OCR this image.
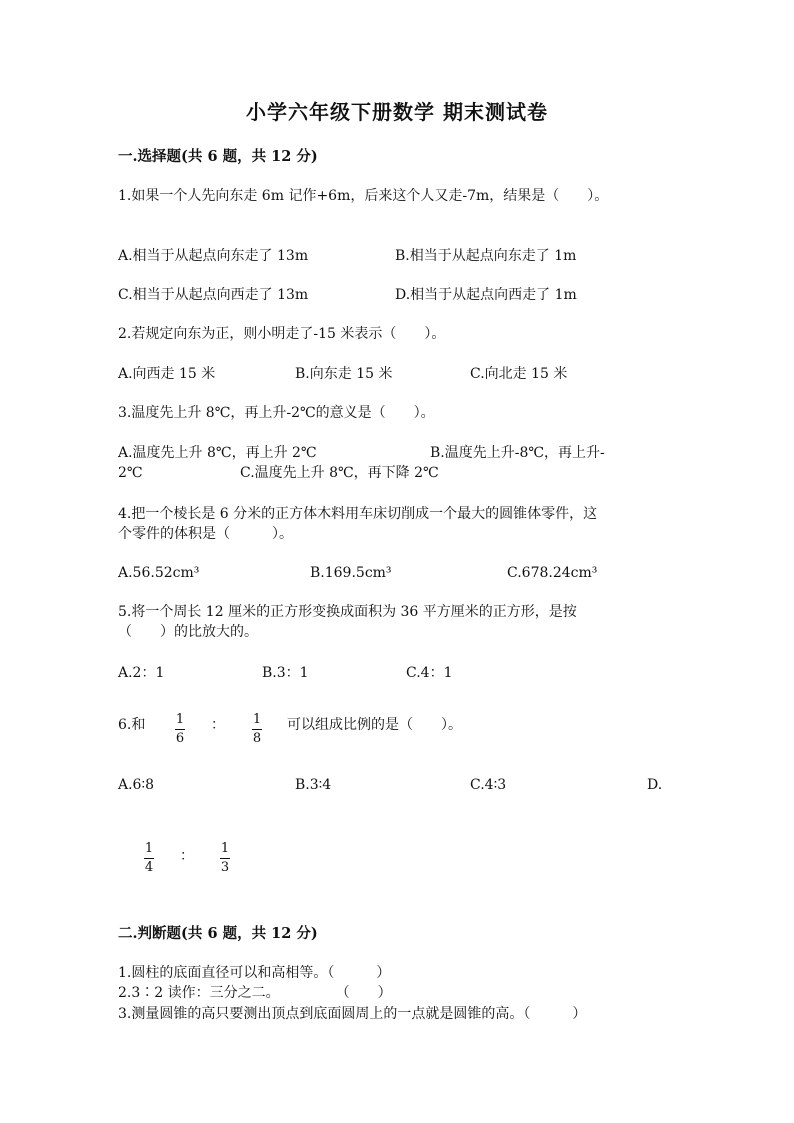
小学六年级下册数学 期末测试卷
一.选择题(共 6 题，共 12 分)
1.如果一个人先向东走 6m 记作+6m，后来这个人又走-7m，结果是（　　）。
A.相当于从起点向东走了 13m	B.相当于从起点向东走了 1m
C.相当于从起点向西走了 13m	D.相当于从起点向西走了 1m
2.若规定向东为正，则小明走了-15 米表示（　　）。
A.向西走 15 米	B.向东走 15 米	C.向北走 15 米
3.温度先上升 8℃，再上升-2℃的意义是（　　）。
A.温度先上升 8℃，再上升 2℃	B.温度先上升-8℃，再上升-
2℃	C.温度先上升 8℃，再下降 2℃
4.把一个棱长是 6 分米的正方体木料用车床切削成一个最大的圆锥体零件，这
个零件的体积是（　　　）。
A.56.52cm³	B.169.5cm³	C.678.24cm³
5.将一个周长 12 厘米的正方形变换成面积为 36 平方厘米的正方形，是按
（　　）的比放大的。
A.2：1	B.3：1	C.4：1
6.和 1
6
： 1
8
可以组成比例的是（　　）。
A.6∶8	B.3∶4	C.4∶3	D.
1
4
： 1
3
二.判断题(共 6 题，共 12 分)
1.圆柱的底面直径可以和高相等。（　　　）
2.3∶2 读作：三分之二。　　　　　（　　）
3.测量圆锥的高只要测出顶点到底面圆周上的一点就是圆锥的高。（　　　）
